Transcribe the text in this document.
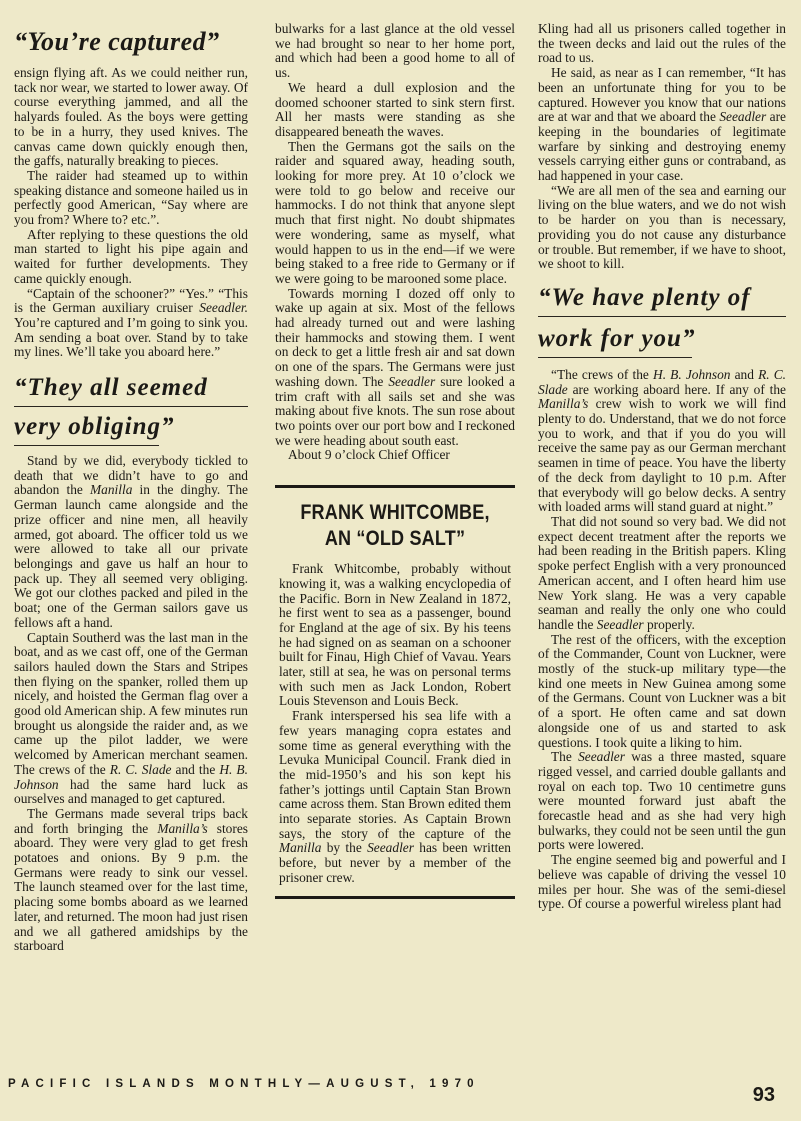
“You’re captured”

ensign flying aft. As we could neither run, tack nor wear, we started to lower away. Of course everything jammed, and all the halyards fouled. As the boys were getting to be in a hurry, they used knives. The canvas came down quickly enough then, the gaffs, naturally breaking to pieces.

The raider had steamed up to within speaking distance and someone hailed us in perfectly good American, “Say where are you from? Where to? etc.”.

After replying to these questions the old man started to light his pipe again and waited for further developments. They came quickly enough.

“Captain of the schooner?” “Yes.” “This is the German auxiliary cruiser Seeadler. You’re captured and I’m going to sink you. Am sending a boat over. Stand by to take my lines. We’ll take you aboard here.”

“They all seemed
very obliging”

Stand by we did, everybody tickled to death that we didn’t have to go and abandon the Manilla in the dinghy. The German launch came alongside and the prize officer and nine men, all heavily armed, got aboard. The officer told us we were allowed to take all our private belongings and gave us half an hour to pack up. They all seemed very obliging. We got our clothes packed and piled in the boat; one of the German sailors gave us fellows aft a hand.

Captain Southerd was the last man in the boat, and as we cast off, one of the German sailors hauled down the Stars and Stripes then flying on the spanker, rolled them up nicely, and hoisted the German flag over a good old American ship. A few minutes run brought us alongside the raider and, as we came up the pilot ladder, we were welcomed by American merchant seamen. The crews of the R. C. Slade and the H. B. Johnson had the same hard luck as ourselves and managed to get captured.

The Germans made several trips back and forth bringing the Manilla’s stores aboard. They were very glad to get fresh potatoes and onions. By 9 p.m. the Germans were ready to sink our vessel. The launch steamed over for the last time, placing some bombs aboard as we learned later, and returned. The moon had just risen and we all gathered amidships by the starboard

bulwarks for a last glance at the old vessel we had brought so near to her home port, and which had been a good home to all of us.

We heard a dull explosion and the doomed schooner started to sink stern first. All her masts were standing as she disappeared beneath the waves.

Then the Germans got the sails on the raider and squared away, heading south, looking for more prey. At 10 o’clock we were told to go below and receive our hammocks. I do not think that anyone slept much that first night. No doubt shipmates were wondering, same as myself, what would happen to us in the end—if we were being staked to a free ride to Germany or if we were going to be marooned some place.

Towards morning I dozed off only to wake up again at six. Most of the fellows had already turned out and were lashing their hammocks and stowing them. I went on deck to get a little fresh air and sat down on one of the spars. The Germans were just washing down. The Seeadler sure looked a trim craft with all sails set and she was making about five knots. The sun rose about two points over our port bow and I reckoned we were heading about south east.

About 9 o’clock Chief Officer

FRANK WHITCOMBE,
AN “OLD SALT”

Frank Whitcombe, probably without knowing it, was a walking encyclopedia of the Pacific. Born in New Zealand in 1872, he first went to sea as a passenger, bound for England at the age of six. By his teens he had signed on as seaman on a schooner built for Finau, High Chief of Vavau. Years later, still at sea, he was on personal terms with such men as Jack London, Robert Louis Stevenson and Louis Beck.

Frank interspersed his sea life with a few years managing copra estates and some time as general everything with the Levuka Municipal Council. Frank died in the mid-1950’s and his son kept his father’s jottings until Captain Stan Brown came across them. Stan Brown edited them into separate stories. As Captain Brown says, the story of the capture of the Manilla by the Seeadler has been written before, but never by a member of the prisoner crew.

Kling had all us prisoners called together in the tween decks and laid out the rules of the road to us.

He said, as near as I can remember, “It has been an unfortunate thing for you to be captured. However you know that our nations are at war and that we aboard the Seeadler are keeping in the boundaries of legitimate warfare by sinking and destroying enemy vessels carrying either guns or contraband, as had happened in your case.

“We are all men of the sea and earning our living on the blue waters, and we do not wish to be harder on you than is necessary, providing you do not cause any disturbance or trouble. But remember, if we have to shoot, we shoot to kill.

“We have plenty of
work for you”

“The crews of the H. B. Johnson and R. C. Slade are working aboard here. If any of the Manilla’s crew wish to work we will find plenty to do. Understand, that we do not force you to work, and that if you do you will receive the same pay as our German merchant seamen in time of peace. You have the liberty of the deck from daylight to 10 p.m. After that everybody will go below decks. A sentry with loaded arms will stand guard at night.”

That did not sound so very bad. We did not expect decent treatment after the reports we had been reading in the British papers. Kling spoke perfect English with a very pronounced American accent, and I often heard him use New York slang. He was a very capable seaman and really the only one who could handle the Seeadler properly.

The rest of the officers, with the exception of the Commander, Count von Luckner, were mostly of the stuck-up military type—the kind one meets in New Guinea among some of the Germans. Count von Luckner was a bit of a sport. He often came and sat down alongside one of us and started to ask questions. I took quite a liking to him.

The Seeadler was a three masted, square rigged vessel, and carried double gallants and royal on each top. Two 10 centimetre guns were mounted forward just abaft the forecastle head and as she had very high bulwarks, they could not be seen until the gun ports were lowered.

The engine seemed big and powerful and I believe was capable of driving the vessel 10 miles per hour. She was of the semi-diesel type. Of course a powerful wireless plant had

PACIFIC ISLANDS MONTHLY—AUGUST, 1970	93
